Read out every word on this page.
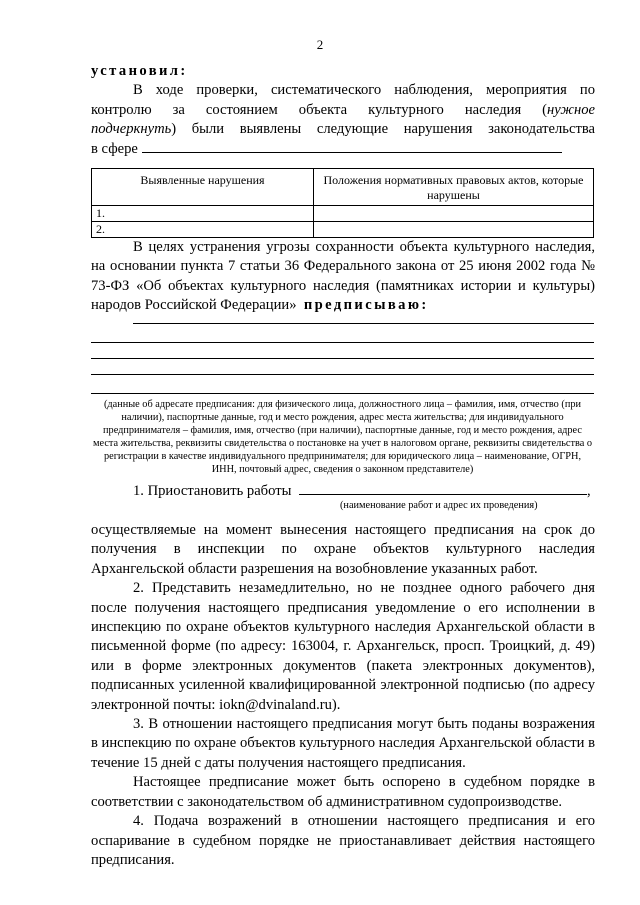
2

установил:

В ходе проверки, систематического наблюдения, мероприятия по

контролю за состоянием объекта культурного наследия (нужное

подчеркнуть) были выявлены следующие нарушения законодательства

в сфере

Выявленные нарушения	Положения нормативных правовых актов, которые нарушены
1.	
2.	

В целях устранения угрозы сохранности объекта культурного наследия, на основании пункта 7 статьи 36 Федерального закона от 25 июня 2002 года № 73-ФЗ «Об объектах культурного наследия (памятниках истории и культуры) народов Российской Федерации» предписываю:

(данные об адресате предписания: для физического лица, должностного лица – фамилия, имя, отчество (при наличии), паспортные данные, год и место рождения, адрес места жительства; для индивидуального предпринимателя – фамилия, имя, отчество (при наличии), паспортные данные, год и место рождения, адрес места жительства, реквизиты свидетельства о постановке на учет в налоговом органе, реквизиты свидетельства о регистрации в качестве индивидуального предпринимателя; для юридического лица – наименование, ОГРН, ИНН, почтовый адрес, сведения о законном представителе)
1. Приостановить работы	,
(наименование работ и адрес их проведения)

осуществляемые на момент вынесения настоящего предписания на срок до получения в инспекции по охране объектов культурного наследия Архангельской области разрешения на возобновление указанных работ.

2. Представить незамедлительно, но не позднее одного рабочего дня после получения настоящего предписания уведомление о его исполнении в инспекцию по охране объектов культурного наследия Архангельской области в письменной форме (по адресу: 163004, г. Архангельск, просп. Троицкий, д. 49) или в форме электронных документов (пакета электронных документов), подписанных усиленной квалифицированной электронной подписью (по адресу электронной почты: iokn@dvinaland.ru).

3. В отношении настоящего предписания могут быть поданы возражения в инспекцию по охране объектов культурного наследия Архангельской области в течение 15 дней с даты получения настоящего предписания.

Настоящее предписание может быть оспорено в судебном порядке в соответствии с законодательством об административном судопроизводстве.

4. Подача возражений в отношении настоящего предписания и его оспаривание в судебном порядке не приостанавливает действия настоящего предписания.
